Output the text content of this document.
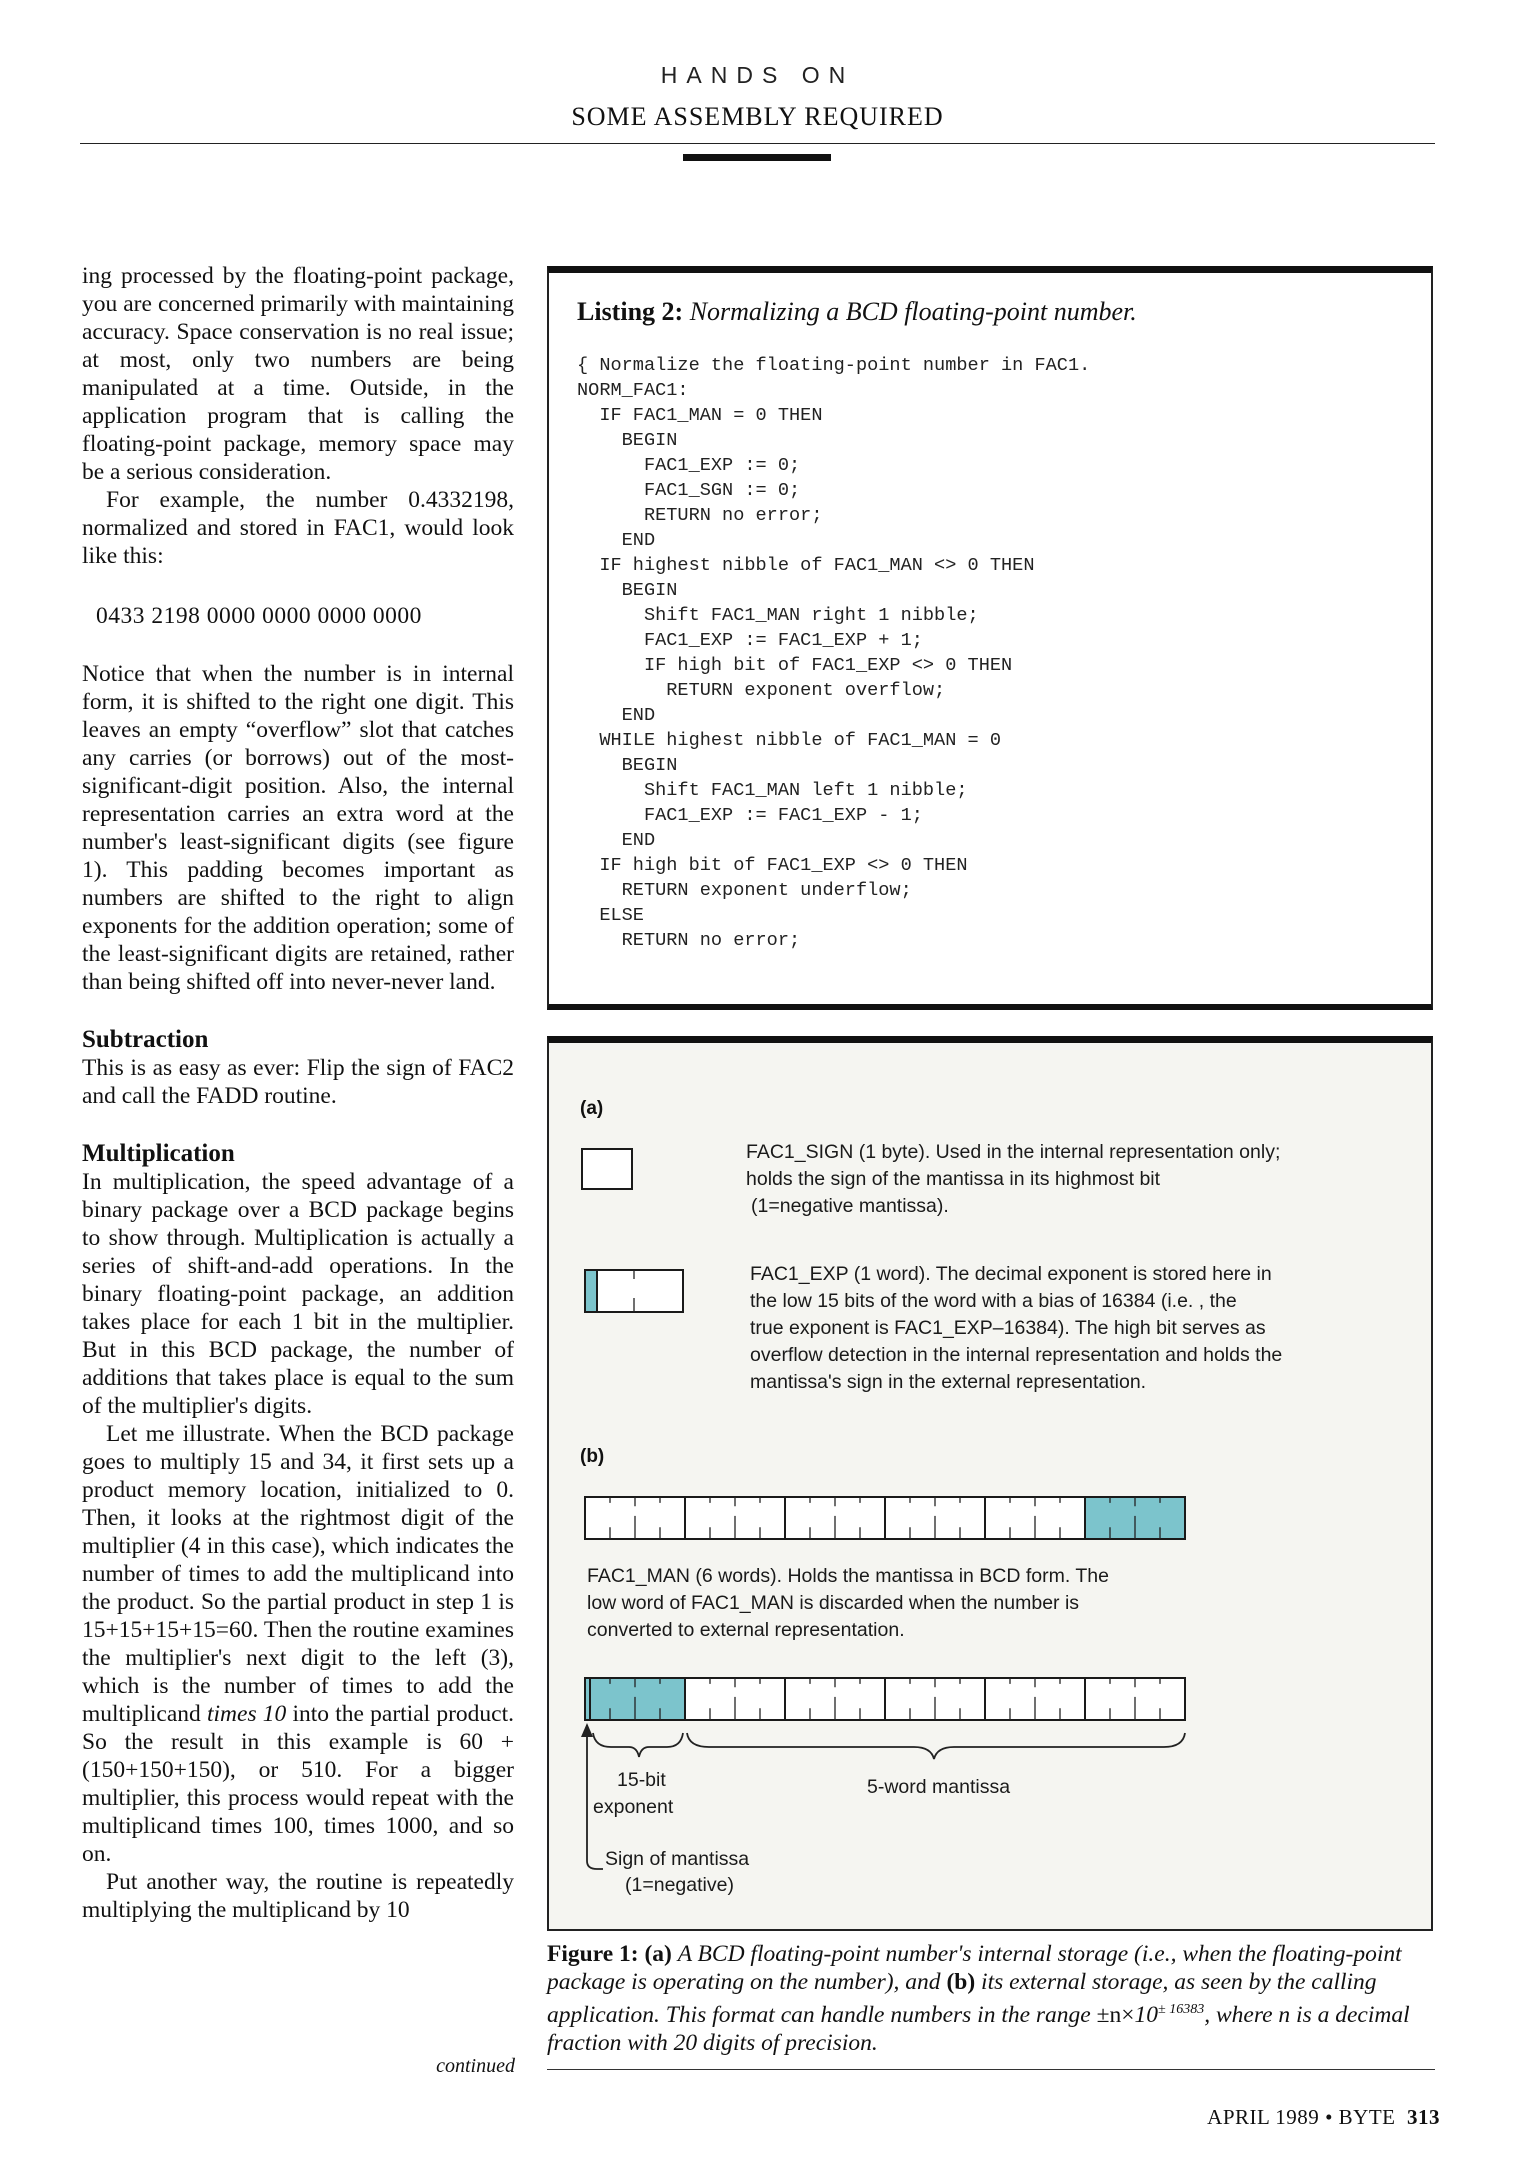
HANDS ON
SOME ASSEMBLY REQUIRED

ing processed by the floating-point package, you are concerned primarily with maintaining accuracy. Space conservation is no real issue; at most, only two numbers are being manipulated at a time. Outside, in the application program that is calling the floating-point package, memory space may be a serious consideration.

For example, the number 0.4332198, normalized and stored in FAC1, would look like this:

0433 2198 0000 0000 0000 0000

Notice that when the number is in internal form, it is shifted to the right one digit. This leaves an empty “overflow” slot that catches any carries (or borrows) out of the most-significant-digit position. Also, the internal representation carries an extra word at the number's least-significant digits (see figure 1). This padding becomes important as numbers are shifted to the right to align exponents for the addition operation; some of the least-significant digits are retained, rather than being shifted off into never-never land.

Subtraction

This is as easy as ever: Flip the sign of FAC2 and call the FADD routine.

Multiplication

In multiplication, the speed advantage of a binary package over a BCD package begins to show through. Multiplication is actually a series of shift-and-add operations. In the binary floating-point package, an addition takes place for each 1 bit in the multiplier. But in this BCD package, the number of additions that takes place is equal to the sum of the multiplier's digits.

Let me illustrate. When the BCD package goes to multiply 15 and 34, it first sets up a product memory location, initialized to 0. Then, it looks at the rightmost digit of the multiplier (4 in this case), which indicates the number of times to add the multiplicand into the product. So the partial product in step 1 is 15+15+15+15=60. Then the routine examines the multiplier's next digit to the left (3), which is the number of times to add the multiplicand times 10 into the partial product. So the result in this example is 60 + (150+150+150), or 510. For a bigger multiplier, this process would repeat with the multiplicand times 100, times 1000, and so on.

Put another way, the routine is repeatedly multiplying the multiplicand by 10

continued
Listing 2: Normalizing a BCD floating-point number.
{ Normalize the floating-point number in FAC1.
NORM_FAC1:
IF FAC1_MAN = 0 THEN
BEGIN
FAC1_EXP := 0;
FAC1_SGN := 0;
RETURN no error;
END
IF highest nibble of FAC1_MAN <> 0 THEN
BEGIN
Shift FAC1_MAN right 1 nibble;
FAC1_EXP := FAC1_EXP + 1;
IF high bit of FAC1_EXP <> 0 THEN
RETURN exponent overflow;
END
WHILE highest nibble of FAC1_MAN = 0
BEGIN
Shift FAC1_MAN left 1 nibble;
FAC1_EXP := FAC1_EXP - 1;
END
IF high bit of FAC1_EXP <> 0 THEN
RETURN exponent underflow;
ELSE
RETURN no error;
(a)
FAC1_SIGN (1 byte). Used in the internal representation only;
holds the sign of the mantissa in its highmost bit
(1=negative mantissa).
FAC1_EXP (1 word). The decimal exponent is stored here in
the low 15 bits of the word with a bias of 16384 (i.e. , the
true exponent is FAC1_EXP–16384). The high bit serves as
overflow detection in the internal representation and holds the
mantissa's sign in the external representation.
(b)
FAC1_MAN (6 words). Holds the mantissa in BCD form. The
low word of FAC1_MAN is discarded when the number is
converted to external representation.
15-bit
exponent
5-word mantissa
Sign of mantissa
(1=negative)
Figure 1: (a) A BCD floating-point number's internal storage (i.e., when the floating-point package is operating on the number), and (b) its external storage, as seen by the calling application. This format can handle numbers in the range $\pm n\times 10^{\pm 16383}$, where n is a decimal fraction with 20 digits of precision.
APRIL 1989 • BYTE 313
